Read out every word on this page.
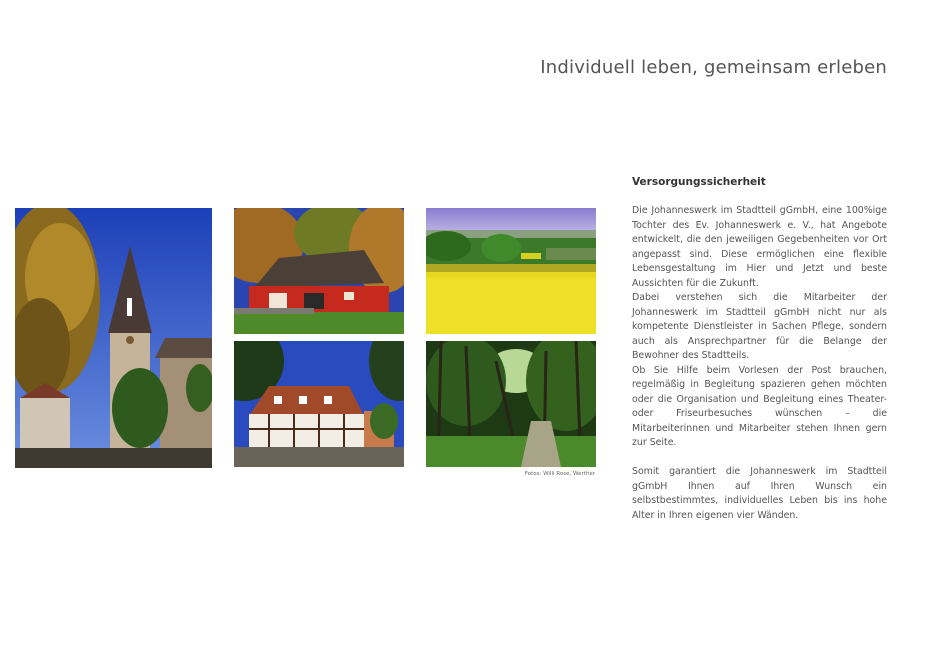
Individuell leben, gemeinsam erleben
Fotos: Willi Rose, Werther
Versorgungssicherheit

Die Johanneswerk im Stadtteil gGmbH, eine 100%ige Tochter des Ev. Johanneswerk e. V., hat Angebote entwickelt, die den jeweiligen Gegebenheiten vor Ort angepasst sind. Diese ermöglichen eine flexible Lebensgestaltung im Hier und Jetzt und beste Aussichten für die Zukunft.

Dabei verstehen sich die Mitarbeiter der Johanneswerk im Stadtteil gGmbH nicht nur als kompetente Dienstleister in Sachen Pflege, sondern auch als Ansprechpartner für die Belange der Bewohner des Stadtteils.

Ob Sie Hilfe beim Vorlesen der Post brauchen, regelmäßig in Begleitung spazieren gehen möchten oder die Organisation und Begleitung eines Theater- oder Friseurbesuches wünschen – die Mitarbeiterinnen und Mitarbeiter stehen Ihnen gern zur Seite.

Somit garantiert die Johanneswerk im Stadtteil gGmbH Ihnen auf Ihren Wunsch ein selbstbestimmtes, individuelles Leben bis ins hohe Alter in Ihren eigenen vier Wänden.
